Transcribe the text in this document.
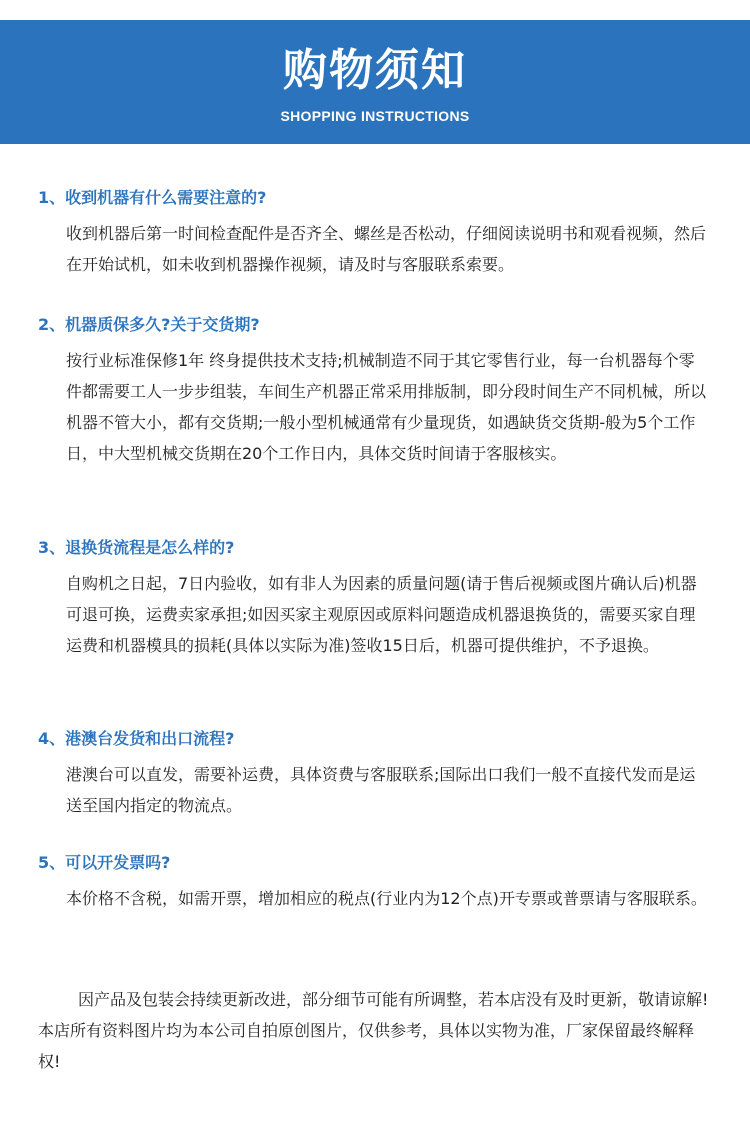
购物须知
SHOPPING INSTRUCTIONS

1、收到机器有什么需要注意的?

收到机器后第一时间检查配件是否齐全、螺丝是否松动，仔细阅读说明书和观看视频，然后在开始试机，如未收到机器操作视频，请及时与客服联系索要。

2、机器质保多久?关于交货期?

按行业标准保修1年 终身提供技术支持;机械制造不同于其它零售行业，每一台机器每个零件都需要工人一步步组装，车间生产机器正常采用排版制，即分段时间生产不同机械，所以机器不管大小，都有交货期;一般小型机械通常有少量现货，如遇缺货交货期-般为5个工作日，中大型机械交货期在20个工作日内，具体交货时间请于客服核实。

3、退换货流程是怎么样的?

自购机之日起，7日内验收，如有非人为因素的质量问题(请于售后视频或图片确认后)机器可退可换，运费卖家承担;如因买家主观原因或原料问题造成机器退换货的，需要买家自理运费和机器模具的损耗(具体以实际为准)签收15日后，机器可提供维护，不予退换。

4、港澳台发货和出口流程?

港澳台可以直发，需要补运费，具体资费与客服联系;国际出口我们一般不直接代发而是运送至国内指定的物流点。

5、可以开发票吗?

本价格不含税，如需开票，增加相应的税点(行业内为12个点)开专票或普票请与客服联系。
因产品及包装会持续更新改进，部分细节可能有所调整，若本店没有及时更新，敬请谅解!本店所有资料图片均为本公司自拍原创图片，仅供参考，具体以实物为准，厂家保留最终解释权!
